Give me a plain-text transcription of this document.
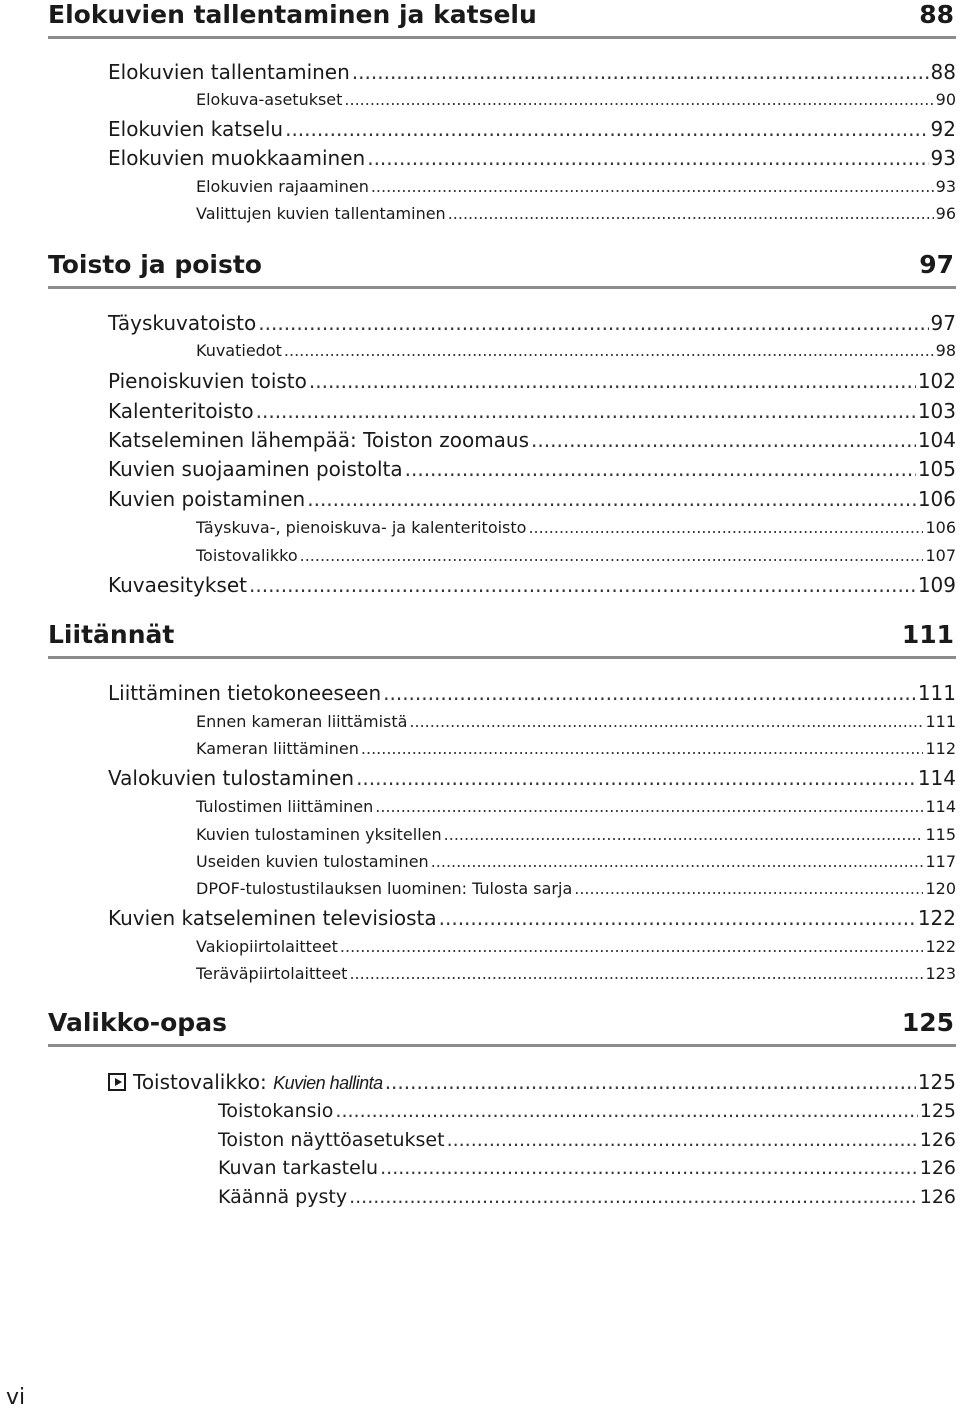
Elokuvien tallentaminen ja katselu	88
Elokuvien tallentaminen .....	88
Elokuva-asetukset .....	90
Elokuvien katselu .....	92
Elokuvien muokkaaminen .....	93
Elokuvien rajaaminen .....	93
Valittujen kuvien tallentaminen .....	96
Toisto ja poisto	97
Täyskuvatoisto .....	97
Kuvatiedot .....	98
Pienoiskuvien toisto .....	102
Kalenteritoisto .....	103
Katseleminen lähempää: Toiston zoomaus .....	104
Kuvien suojaaminen poistolta .....	105
Kuvien poistaminen .....	106
Täyskuva-, pienoiskuva- ja kalenteritoisto .....	106
Toistovalikko .....	107
Kuvaesitykset .....	109
Liitännät	111
Liittäminen tietokoneeseen .....	111
Ennen kameran liittämistä .....	111
Kameran liittäminen .....	112
Valokuvien tulostaminen .....	114
Tulostimen liittäminen .....	114
Kuvien tulostaminen yksitellen .....	115
Useiden kuvien tulostaminen .....	117
DPOF-tulostustilauksen luominen: Tulosta sarja .....	120
Kuvien katseleminen televisiosta .....	122
Vakiopiirtolaitteet .....	122
Teräväpiirtolaitteet .....	123
Valikko-opas	125
Toistovalikko: Kuvien hallinta .....	125
Toistokansio .....	125
Toiston näyttöasetukset .....	126
Kuvan tarkastelu .....	126
Käännä pysty .....	126
vi
